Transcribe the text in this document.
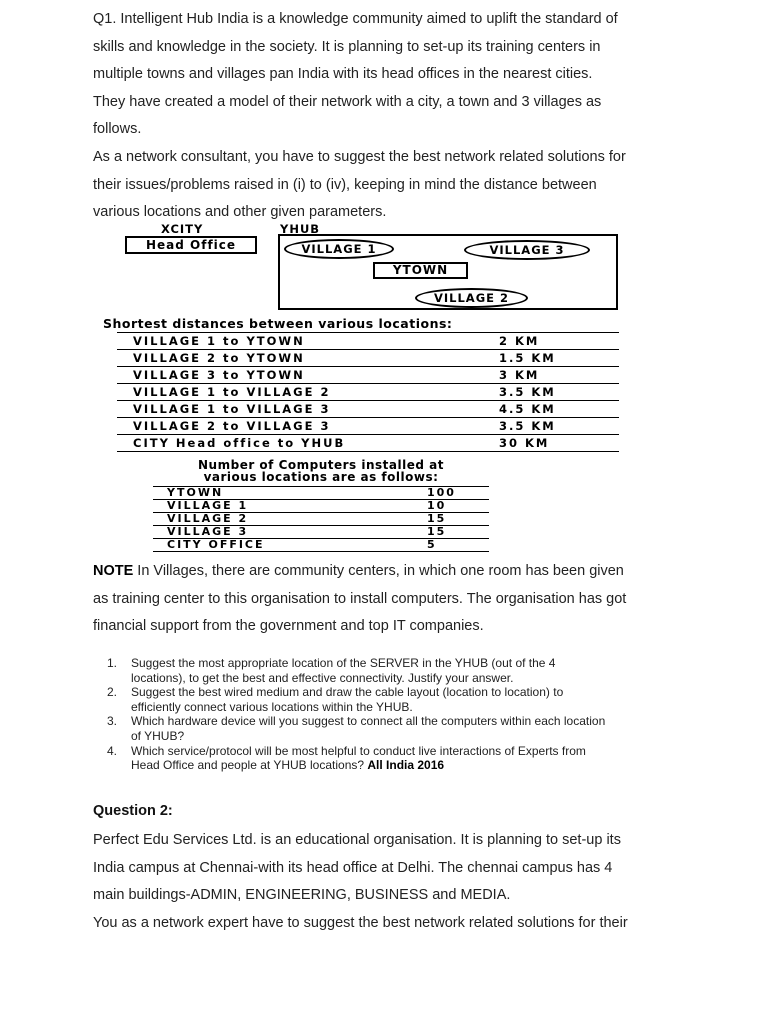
Q1. Intelligent Hub India is a knowledge community aimed to uplift the standard of
skills and knowledge in the society. It is planning to set-up its training centers in
multiple towns and villages pan India with its head offices in the nearest cities.
They have created a model of their network with a city, a town and 3 villages as
follows.
As a network consultant, you have to suggest the best network related solutions for
their issues/problems raised in (i) to (iv), keeping in mind the distance between
various locations and other given parameters.

NOTE In Villages, there are community centers, in which one room has been given
as training center to this organisation to install computers. The organisation has got
financial support from the government and top IT companies.
1. Suggest the most appropriate location of the SERVER in the YHUB (out of the 4
locations), to get the best and effective connectivity. Justify your answer.
2. Suggest the best wired medium and draw the cable layout (location to location) to
efficiently connect various locations within the YHUB.
3. Which hardware device will you suggest to connect all the computers within each location
of YHUB?
4. Which service/protocol will be most helpful to conduct live interactions of Experts from
Head Office and people at YHUB locations? All India 2016

Question 2:

Perfect Edu Services Ltd. is an educational organisation. It is planning to set-up its
India campus at Chennai-with its head office at Delhi. The chennai campus has 4
main buildings-ADMIN, ENGINEERING, BUSINESS and MEDIA.
You as a network expert have to suggest the best network related solutions for their

XCITY	YHUB
Head Office	VILLAGE 1	VILLAGE 3
YTOWN
VILLAGE 2
Shortest distances between various locations:
VILLAGE 1 to YTOWN	2 KM
VILLAGE 2 to YTOWN	1.5 KM
VILLAGE 3 to YTOWN	3 KM
VILLAGE 1 to VILLAGE 2	3.5 KM
VILLAGE 1 to VILLAGE 3	4.5 KM
VILLAGE 2 to VILLAGE 3	3.5 KM
CITY Head office to YHUB	30 KM
Number of Computers installed at
various locations are as follows:
YTOWN	100
VILLAGE 1	10
VILLAGE 2	15
VILLAGE 3	15
CITY OFFICE	5
